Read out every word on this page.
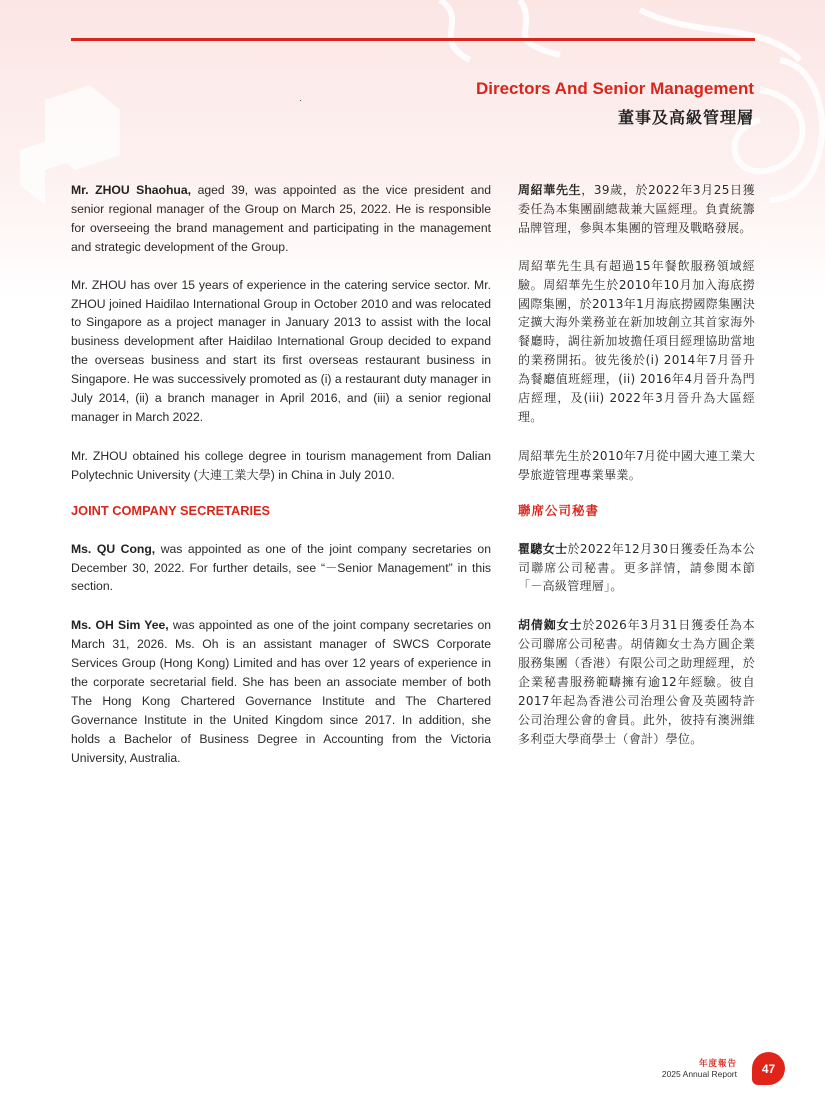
Directors And Senior Management
董事及高級管理層

Mr. ZHOU Shaohua, aged 39, was appointed as the vice president and senior regional manager of the Group on March 25, 2022. He is responsible for overseeing the brand management and participating in the management and strategic development of the Group.

Mr. ZHOU has over 15 years of experience in the catering service sector. Mr. ZHOU joined Haidilao International Group in October 2010 and was relocated to Singapore as a project manager in January 2013 to assist with the local business development after Haidilao International Group decided to expand the overseas business and start its first overseas restaurant business in Singapore. He was successively promoted as (i) a restaurant duty manager in July 2014, (ii) a branch manager in April 2016, and (iii) a senior regional manager in March 2022.

Mr. ZHOU obtained his college degree in tourism management from Dalian Polytechnic University (大連工業大學) in China in July 2010.

JOINT COMPANY SECRETARIES

Ms. QU Cong, was appointed as one of the joint company secretaries on December 30, 2022. For further details, see “－Senior Management” in this section.

Ms. OH Sim Yee, was appointed as one of the joint company secretaries on March 31, 2026. Ms. Oh is an assistant manager of SWCS Corporate Services Group (Hong Kong) Limited and has over 12 years of experience in the corporate secretarial field. She has been an associate member of both The Hong Kong Chartered Governance Institute and The Chartered Governance Institute in the United Kingdom since 2017. In addition, she holds a Bachelor of Business Degree in Accounting from the Victoria University, Australia.

周紹華先生，39歲，於2022年3月25日獲委任為本集團副總裁兼大區經理。負責統籌品牌管理，參與本集團的管理及戰略發展。

周紹華先生具有超過15年餐飲服務領域經驗。周紹華先生於2010年10月加入海底撈國際集團，於2013年1月海底撈國際集團決定擴大海外業務並在新加坡創立其首家海外餐廳時，調往新加坡擔任項目經理協助當地的業務開拓。彼先後於(i) 2014年7月晉升為餐廳值班經理，(ii) 2016年4月晉升為門店經理，及(iii) 2022年3月晉升為大區經理。

周紹華先生於2010年7月從中國大連工業大學旅遊管理專業畢業。

聯席公司秘書

瞿驄女士於2022年12月30日獲委任為本公司聯席公司秘書。更多詳情，請參閱本節「－高級管理層」。

胡倩銣女士於2026年3月31日獲委任為本公司聯席公司秘書。胡倩銣女士為方圓企業服務集團（香港）有限公司之助理經理，於企業秘書服務範疇擁有逾12年經驗。彼自2017年起為香港公司治理公會及英國特許公司治理公會的會員。此外，彼持有澳洲維多利亞大學商學士（會計）學位。

年度報告
2025 Annual Report 47
